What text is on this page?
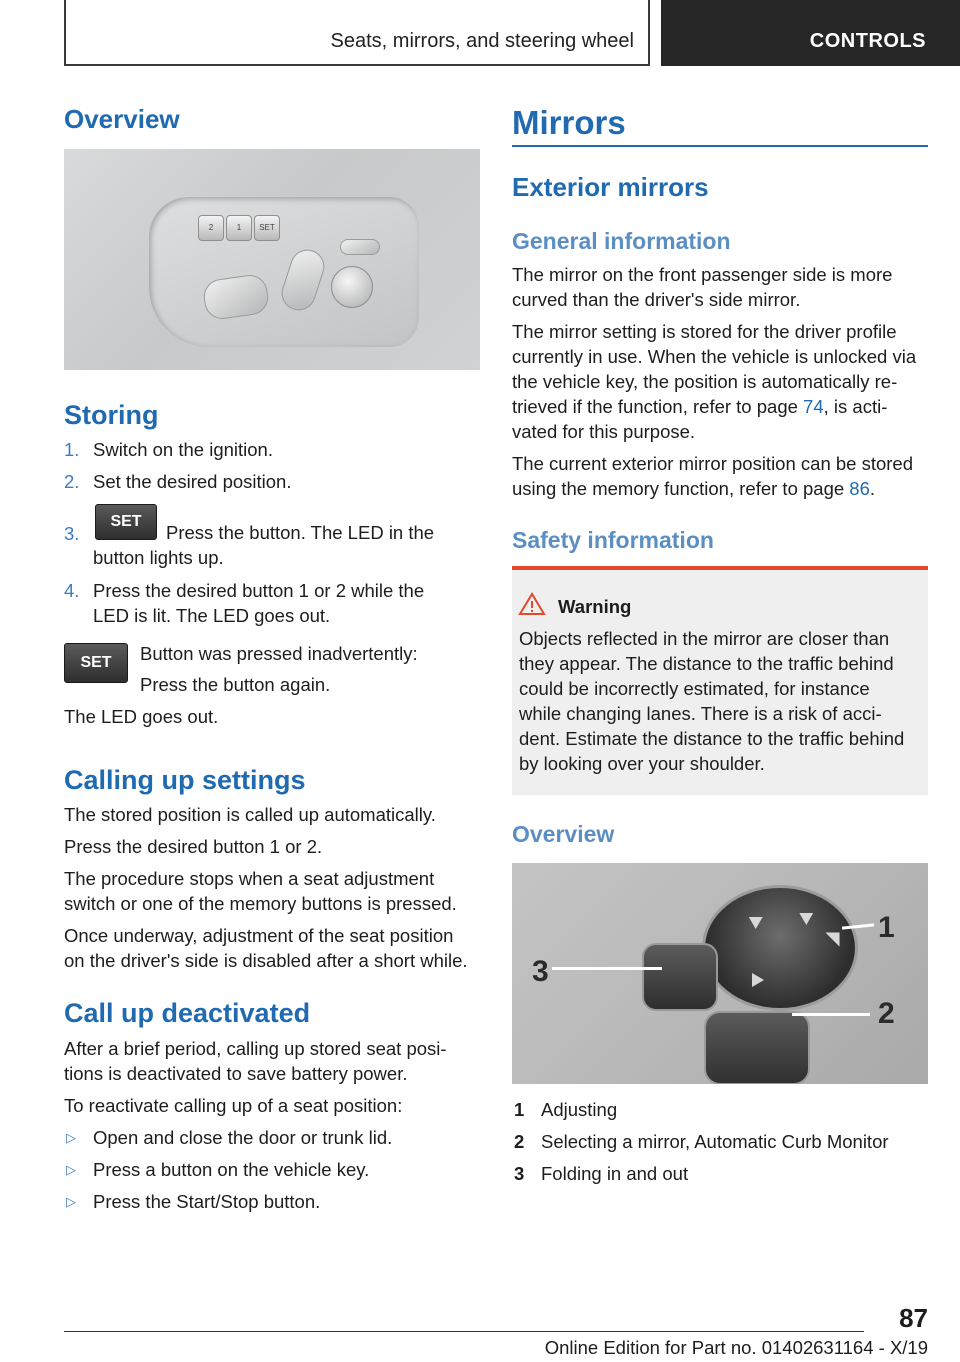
Seats, mirrors, and steering wheel	CONTROLS
Overview
2	1	SET
Storing
1. Switch on the ignition.
2. Set the desired position.
3.
SET
Press the button. The LED in the
button lights up.
4. Press the desired button 1 or 2 while the
LED is lit. The LED goes out.
SET	Button was pressed inadvertently:
Press the button again.
The LED goes out.
Calling up settings
The stored position is called up automatically.
Press the desired button 1 or 2.
The procedure stops when a seat adjustment
switch or one of the memory buttons is pressed.
Once underway, adjustment of the seat position
on the driver's side is disabled after a short while.
Call up deactivated
After a brief period, calling up stored seat posi‐
tions is deactivated to save battery power.
To reactivate calling up of a seat position:
▷ Open and close the door or trunk lid.
▷ Press a button on the vehicle key.
▷ Press the Start/Stop button.
Mirrors
Exterior mirrors
General information
The mirror on the front passenger side is more
curved than the driver's side mirror.
The mirror setting is stored for the driver profile
currently in use. When the vehicle is unlocked via
the vehicle key, the position is automatically re‐
trieved if the function, refer to page 74, is acti‐
vated for this purpose.
The current exterior mirror position can be stored
using the memory function, refer to page 86.
Safety information
Warning
Objects reflected in the mirror are closer than
they appear. The distance to the traffic behind
could be incorrectly estimated, for instance
while changing lanes. There is a risk of acci‐
dent. Estimate the distance to the traffic behind
by looking over your shoulder.
Overview
1
2
3
1 Adjusting
2 Selecting a mirror, Automatic Curb Monitor
3 Folding in and out
87
Online Edition for Part no. 01402631164 - X/19
